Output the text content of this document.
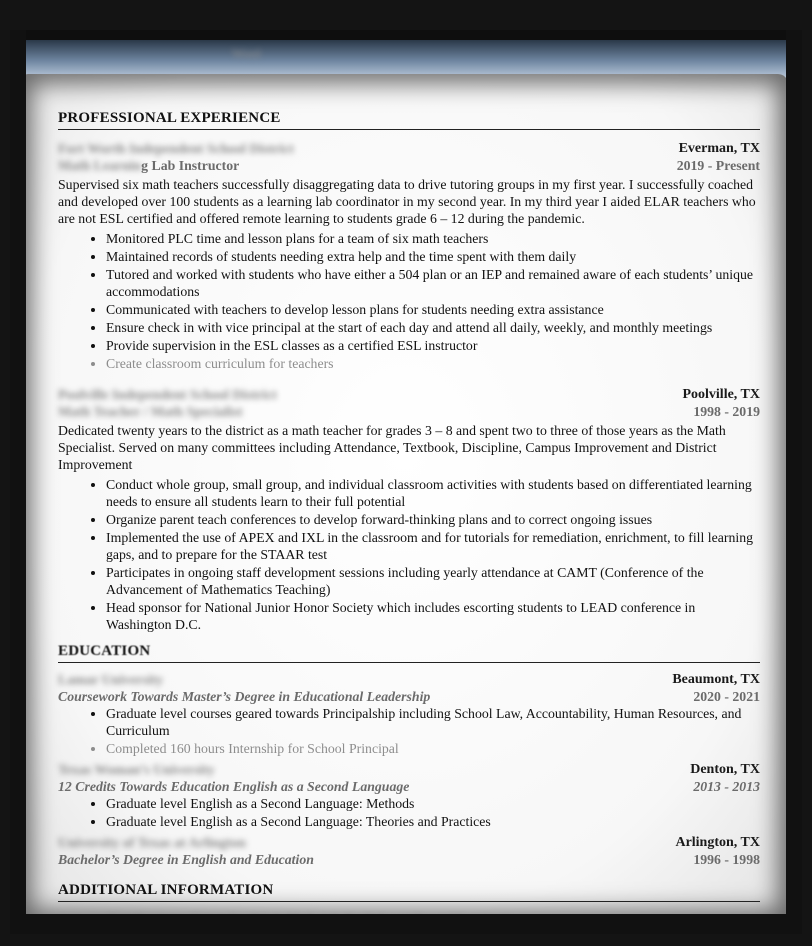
Word
PROFESSIONAL EXPERIENCE
Fort Worth Independent School District	Everman, TX
Math Learning Lab Instructor	2019 - Present
Supervised six math teachers successfully disaggregating data to drive tutoring groups in my first year. I successfully coached and developed over 100 students as a learning lab coordinator in my second year. In my third year I aided ELAR teachers who are not ESL certified and offered remote learning to students grade 6 – 12 during the pandemic.
• Monitored PLC time and lesson plans for a team of six math teachers
• Maintained records of students needing extra help and the time spent with them daily
• Tutored and worked with students who have either a 504 plan or an IEP and remained aware of each students’ unique accommodations
• Communicated with teachers to develop lesson plans for students needing extra assistance
• Ensure check in with vice principal at the start of each day and attend all daily, weekly, and monthly meetings
• Provide supervision in the ESL classes as a certified ESL instructor
• Create classroom curriculum for teachers
Poolville Independent School District	Poolville, TX
Math Teacher / Math Specialist	1998 - 2019
Dedicated twenty years to the district as a math teacher for grades 3 – 8 and spent two to three of those years as the Math Specialist. Served on many committees including Attendance, Textbook, Discipline, Campus Improvement and District Improvement
• Conduct whole group, small group, and individual classroom activities with students based on differentiated learning needs to ensure all students learn to their full potential
• Organize parent teach conferences to develop forward-thinking plans and to correct ongoing issues
• Implemented the use of APEX and IXL in the classroom and for tutorials for remediation, enrichment, to fill learning gaps, and to prepare for the STAAR test
• Participates in ongoing staff development sessions including yearly attendance at CAMT (Conference of the Advancement of Mathematics Teaching)
• Head sponsor for National Junior Honor Society which includes escorting students to LEAD conference in Washington D.C.
EDUCATION
Lamar University	Beaumont, TX
Coursework Towards Master’s Degree in Educational Leadership	2020 - 2021
• Graduate level courses geared towards Principalship including School Law, Accountability, Human Resources, and Curriculum
• Completed 160 hours Internship for School Principal
Texas Woman’s University	Denton, TX
12 Credits Towards Education English as a Second Language	2013 - 2013
• Graduate level English as a Second Language: Methods
• Graduate level English as a Second Language: Theories and Practices
University of Texas at Arlington	Arlington, TX
Bachelor’s Degree in English and Education	1996 - 1998
ADDITIONAL INFORMATION
